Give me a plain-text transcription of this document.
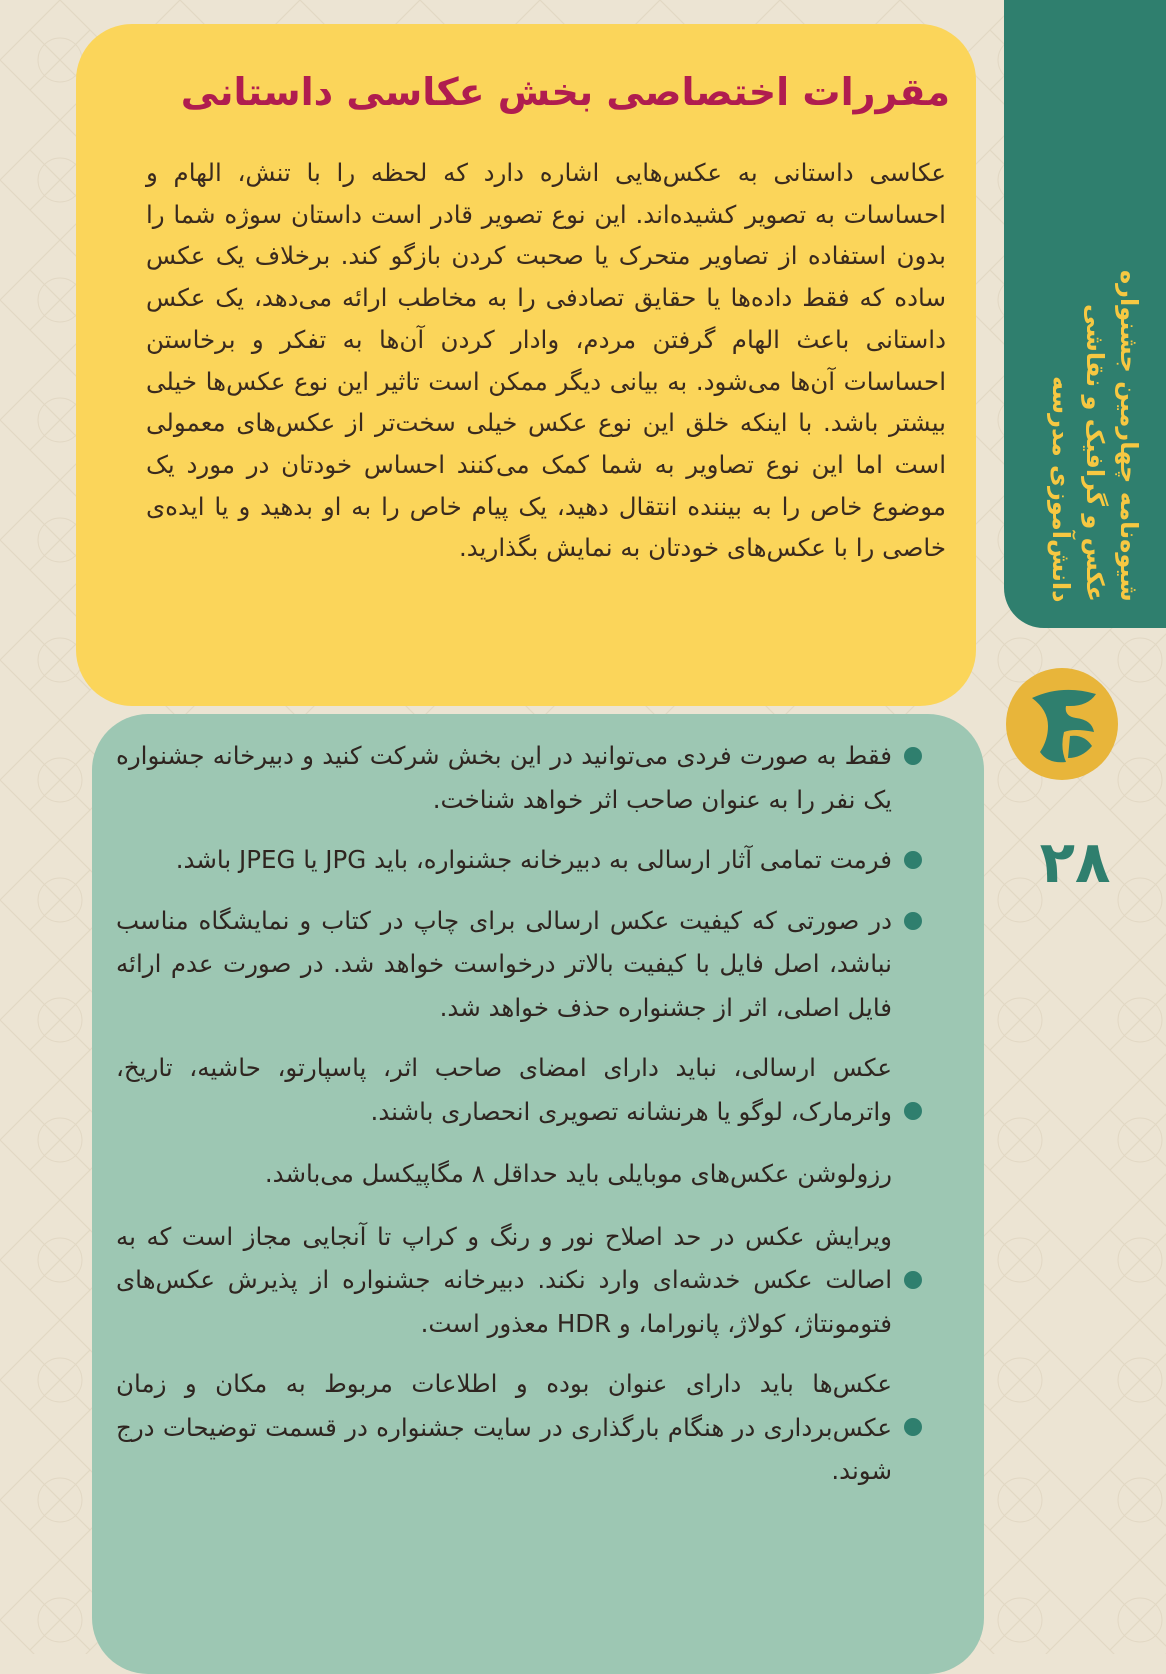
شیوه‌نامه چهارمین جشنواره
عکس و گرافیک و نقاشی
دانش‌آموزی مدرسه
۲۸
مقررات اختصاصی بخش عکاسی داستانی

عکاسی داستانی به عکس‌هایی اشاره دارد که لحظه را با تنش، الهام و احساسات به تصویر کشیده‌اند. این نوع تصویر قادر است داستان سوژه شما را بدون استفاده از تصاویر متحرک یا صحبت کردن بازگو کند. برخلاف یک عکس ساده که فقط داده‌ها یا حقایق تصادفی را به مخاطب ارائه می‌دهد، یک عکس داستانی باعث الهام گرفتن مردم، وادار کردن آن‌ها به تفکر و برخاستن احساسات آن‌ها می‌شود. به بیانی دیگر ممکن است تاثیر این نوع عکس‌ها خیلی بیشتر باشد. با اینکه خلق این نوع عکس خیلی سخت‌تر از عکس‌های معمولی است اما این نوع تصاویر به شما کمک می‌کنند احساس خودتان در مورد یک موضوع خاص را به بیننده انتقال دهید، یک پیام خاص را به او بدهید و یا ایده‌ی خاصی را با عکس‌های خودتان به نمایش بگذارید.

فقط به صورت فردی می‌توانید در این بخش شرکت کنید و دبیرخانه جشنواره یک نفر را به عنوان صاحب اثر خواهد شناخت.
فرمت تمامی آثار ارسالی به دبیرخانه جشنواره، باید JPG یا JPEG باشد.
در صورتی که کیفیت عکس ارسالی برای چاپ در کتاب و نمایشگاه مناسب نباشد، اصل فایل با کیفیت بالاتر درخواست خواهد شد. در صورت عدم ارائه فایل اصلی، اثر از جشنواره حذف خواهد شد.
عکس ارسالی، نباید دارای امضای صاحب اثر، پاسپارتو، حاشیه، تاریخ، واترمارک، لوگو یا هرنشانه تصویری انحصاری باشند.
رزولوشن عکس‌های موبایلی باید حداقل ۸ مگاپیکسل می‌باشد.
ویرایش عکس در حد اصلاح نور و رنگ و کراپ تا آنجایی مجاز است که به اصالت عکس خدشه‌ای وارد نکند. دبیرخانه جشنواره از پذیرش عکس‌های فتومونتاژ، کولاژ، پانوراما، و HDR معذور است.
عکس‌ها باید دارای عنوان بوده و اطلاعات مربوط به مکان و زمان عکس‌برداری در هنگام بارگذاری در سایت جشنواره در قسمت توضیحات درج شوند.
